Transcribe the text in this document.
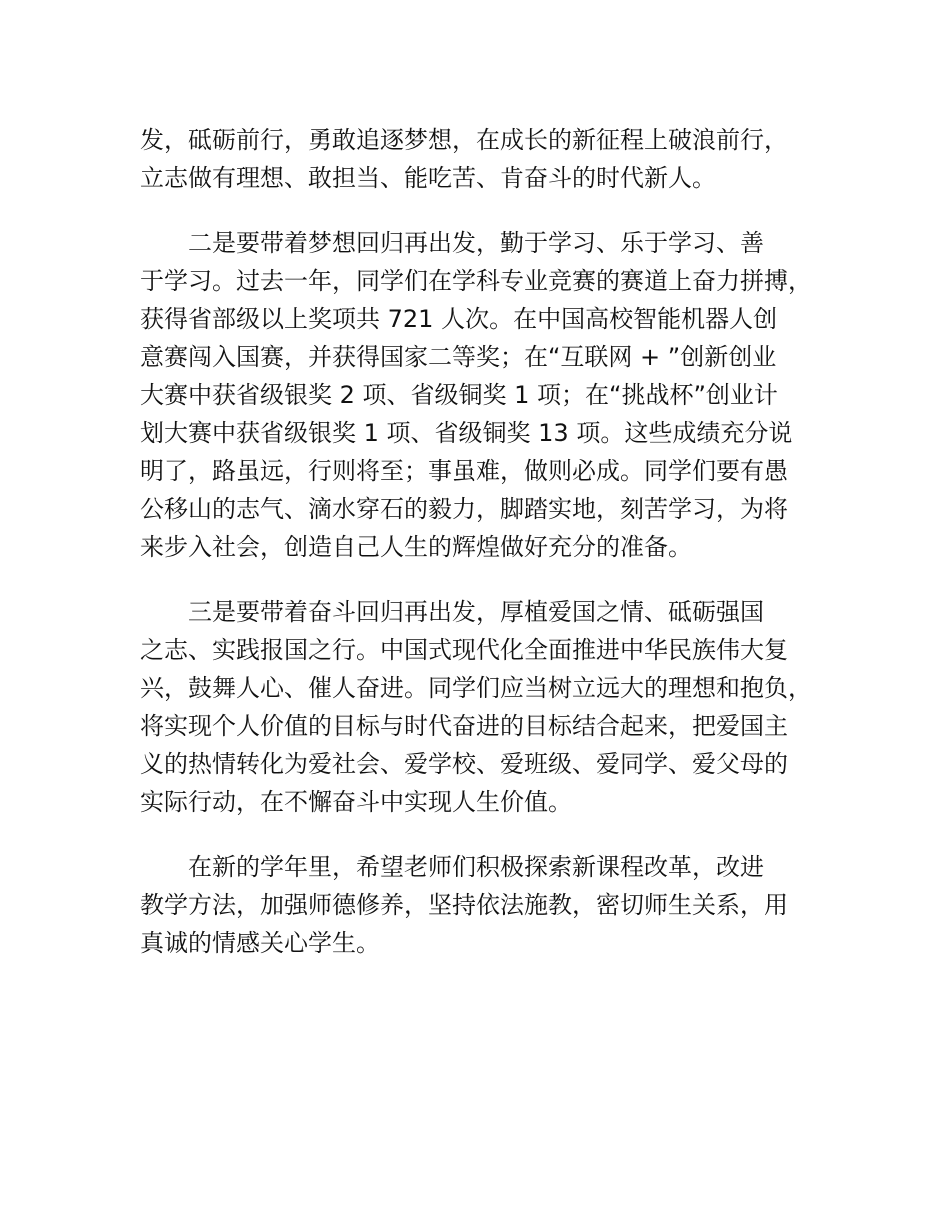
发，砥砺前行，勇敢追逐梦想，在成长的新征程上破浪前行，
立志做有理想、敢担当、能吃苦、肯奋斗的时代新人。

　　二是要带着梦想回归再出发，勤于学习、乐于学习、善
于学习。过去一年，同学们在学科专业竞赛的赛道上奋力拼搏，
获得省部级以上奖项共 721 人次。在中国高校智能机器人创
意赛闯入国赛，并获得国家二等奖；在“互联网 + ”创新创业
大赛中获省级银奖 2 项、省级铜奖 1 项；在“挑战杯”创业计
划大赛中获省级银奖 1 项、省级铜奖 13 项。这些成绩充分说
明了，路虽远，行则将至；事虽难，做则必成。同学们要有愚
公移山的志气、滴水穿石的毅力，脚踏实地，刻苦学习，为将
来步入社会，创造自己人生的辉煌做好充分的准备。

　　三是要带着奋斗回归再出发，厚植爱国之情、砥砺强国
之志、实践报国之行。中国式现代化全面推进中华民族伟大复
兴，鼓舞人心、催人奋进。同学们应当树立远大的理想和抱负，
将实现个人价值的目标与时代奋进的目标结合起来，把爱国主
义的热情转化为爱社会、爱学校、爱班级、爱同学、爱父母的
实际行动，在不懈奋斗中实现人生价值。

　　在新的学年里，希望老师们积极探索新课程改革，改进
教学方法，加强师德修养，坚持依法施教，密切师生关系，用
真诚的情感关心学生。
